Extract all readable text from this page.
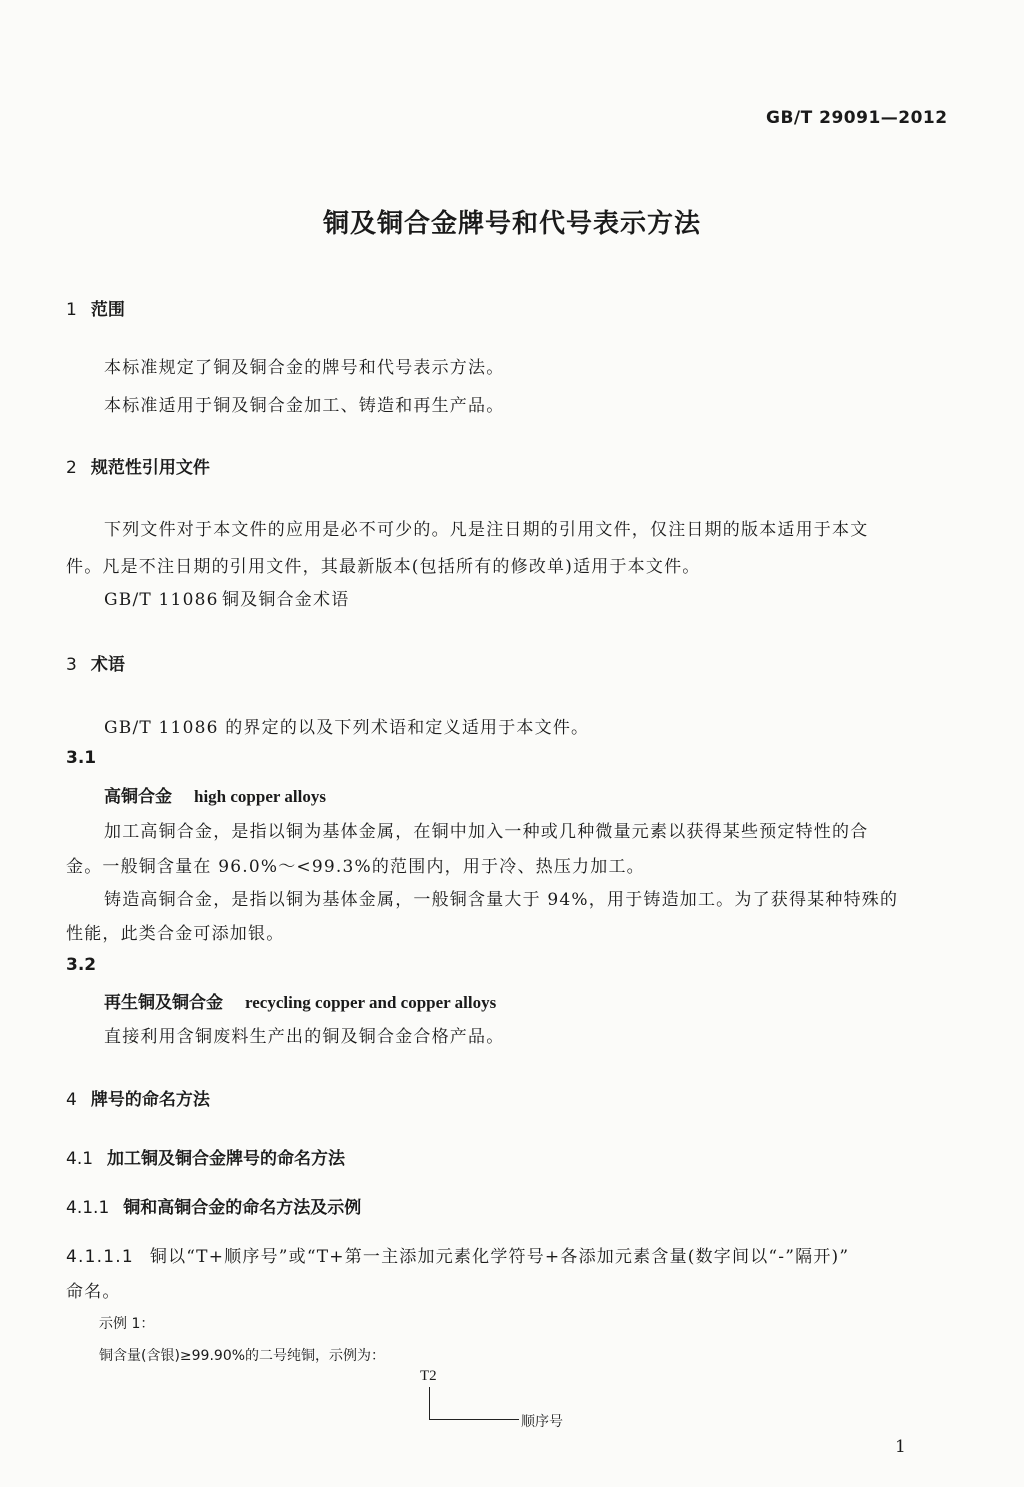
GB/T 29091—2012
铜及铜合金牌号和代号表示方法
1 范围
本标准规定了铜及铜合金的牌号和代号表示方法。
本标准适用于铜及铜合金加工、铸造和再生产品。
2 规范性引用文件
下列文件对于本文件的应用是必不可少的。凡是注日期的引用文件，仅注日期的版本适用于本文
件。凡是不注日期的引用文件，其最新版本(包括所有的修改单)适用于本文件。
GB/T 11086 铜及铜合金术语
3 术语
GB/T 11086 的界定的以及下列术语和定义适用于本文件。
3.1
高铜合金 high copper alloys
加工高铜合金，是指以铜为基体金属，在铜中加入一种或几种微量元素以获得某些预定特性的合
金。一般铜含量在 96.0%～<99.3%的范围内，用于冷、热压力加工。
铸造高铜合金，是指以铜为基体金属，一般铜含量大于 94%，用于铸造加工。为了获得某种特殊的
性能，此类合金可添加银。
3.2
再生铜及铜合金 recycling copper and copper alloys
直接利用含铜废料生产出的铜及铜合金合格产品。
4 牌号的命名方法
4.1 加工铜及铜合金牌号的命名方法
4.1.1 铜和高铜合金的命名方法及示例
4.1.1.1 铜以“T+顺序号”或“T+第一主添加元素化学符号+各添加元素含量(数字间以“-”隔开)”
命名。
示例 1：
铜含量(含银)≥99.90%的二号纯铜，示例为：
T2
顺序号
1
